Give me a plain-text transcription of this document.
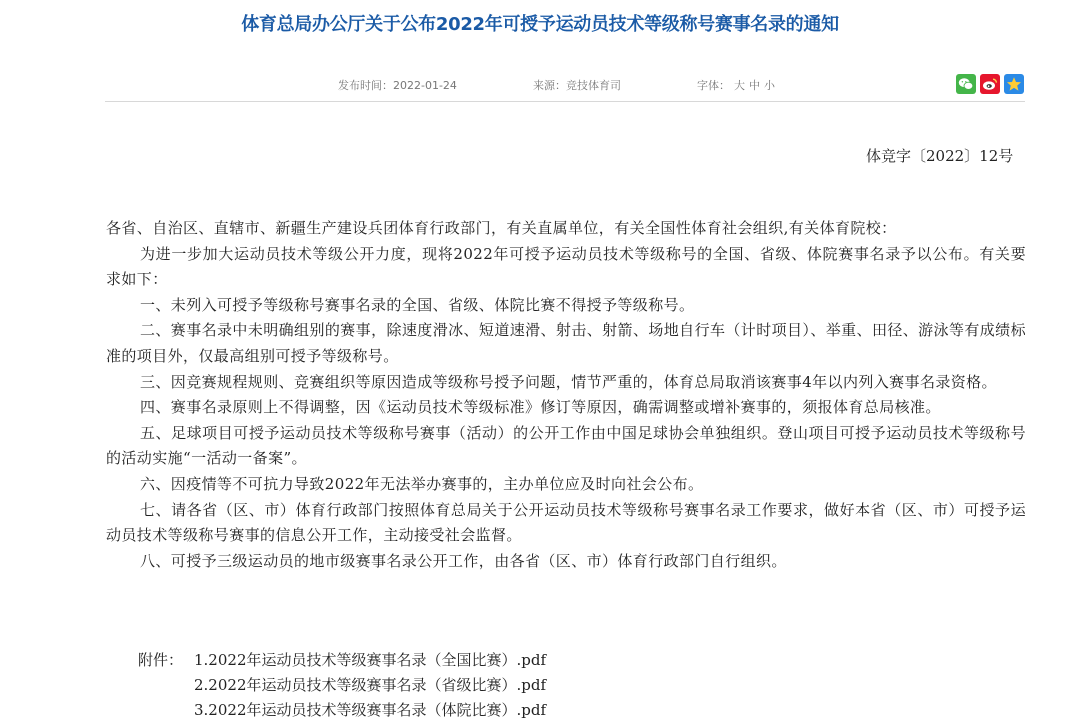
体育总局办公厅关于公布2022年可授予运动员技术等级称号赛事名录的通知
发布时间：2022-01-24	来源：竞技体育司	字体： 大 中 小
体竞字〔2022〕12号

各省、自治区、直辖市、新疆生产建设兵团体育行政部门，有关直属单位，有关全国性体育社会组织,有关体育院校：

为进一步加大运动员技术等级公开力度，现将2022年可授予运动员技术等级称号的全国、省级、体院赛事名录予以公布。有关要求如下：

一、未列入可授予等级称号赛事名录的全国、省级、体院比赛不得授予等级称号。

二、赛事名录中未明确组别的赛事，除速度滑冰、短道速滑、射击、射箭、场地自行车（计时项目）、举重、田径、游泳等有成绩标准的项目外，仅最高组别可授予等级称号。

三、因竞赛规程规则、竞赛组织等原因造成等级称号授予问题，情节严重的，体育总局取消该赛事4年以内列入赛事名录资格。

四、赛事名录原则上不得调整，因《运动员技术等级标准》修订等原因，确需调整或增补赛事的，须报体育总局核准。

五、足球项目可授予运动员技术等级称号赛事（活动）的公开工作由中国足球协会单独组织。登山项目可授予运动员技术等级称号的活动实施“一活动一备案”。

六、因疫情等不可抗力导致2022年无法举办赛事的，主办单位应及时向社会公布。

七、请各省（区、市）体育行政部门按照体育总局关于公开运动员技术等级称号赛事名录工作要求，做好本省（区、市）可授予运动员技术等级称号赛事的信息公开工作，主动接受社会监督。

八、可授予三级运动员的地市级赛事名录公开工作，由各省（区、市）体育行政部门自行组织。

附件： 1.2022年运动员技术等级赛事名录（全国比赛）.pdf
2.2022年运动员技术等级赛事名录（省级比赛）.pdf
3.2022年运动员技术等级赛事名录（体院比赛）.pdf
